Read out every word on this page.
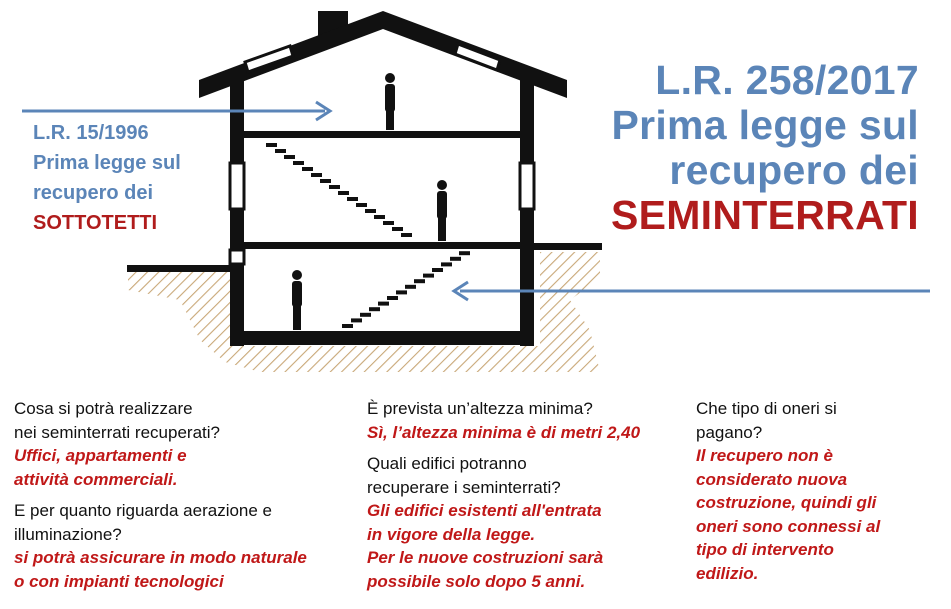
L.R. 15/1996
Prima legge sul
recupero dei
SOTTOTETTI
L.R. 258/2017
Prima legge sul
recupero dei
SEMINTERRATI
Cosa si potrà realizzare
nei seminterrati recuperati?
Uffici, appartamenti e
attività commerciali.
E per quanto riguarda aerazione e
illuminazione?
si potrà assicurare in modo naturale
o con impianti tecnologici
È prevista un’altezza minima?
Sì, l’altezza minima è di metri 2,40
Quali edifici potranno
recuperare i seminterrati?
Gli edifici esistenti all'entrata
in vigore della legge.
Per le nuove costruzioni sarà
possibile solo dopo 5 anni.
Che tipo di oneri si
pagano?
Il recupero non è
considerato nuova
costruzione, quindi gli
oneri sono connessi al
tipo di intervento
edilizio.
